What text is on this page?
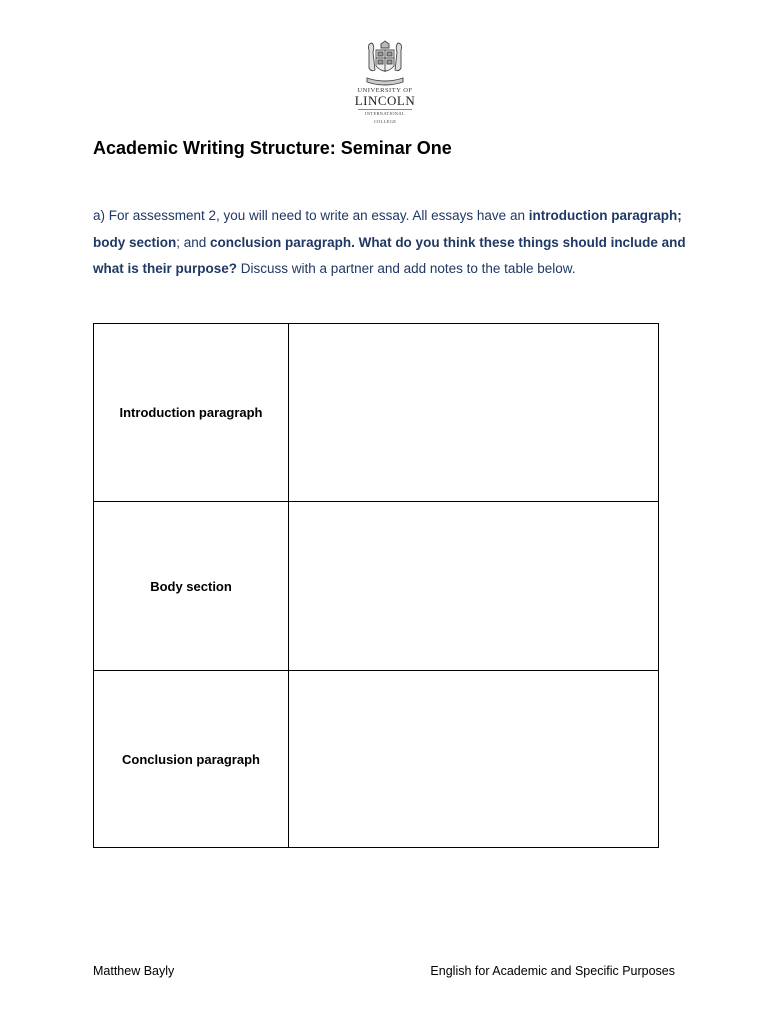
UNIVERSITY OF
LINCOLN
INTERNATIONAL COLLEGE
Academic Writing Structure: Seminar One
a) For assessment 2, you will need to write an essay. All essays have an introduction paragraph; body section; and conclusion paragraph. What do you think these things should include and what is their purpose? Discuss with a partner and add notes to the table below.
Introduction paragraph	
Body section	
Conclusion paragraph	
Matthew Bayly	English for Academic and Specific Purposes
